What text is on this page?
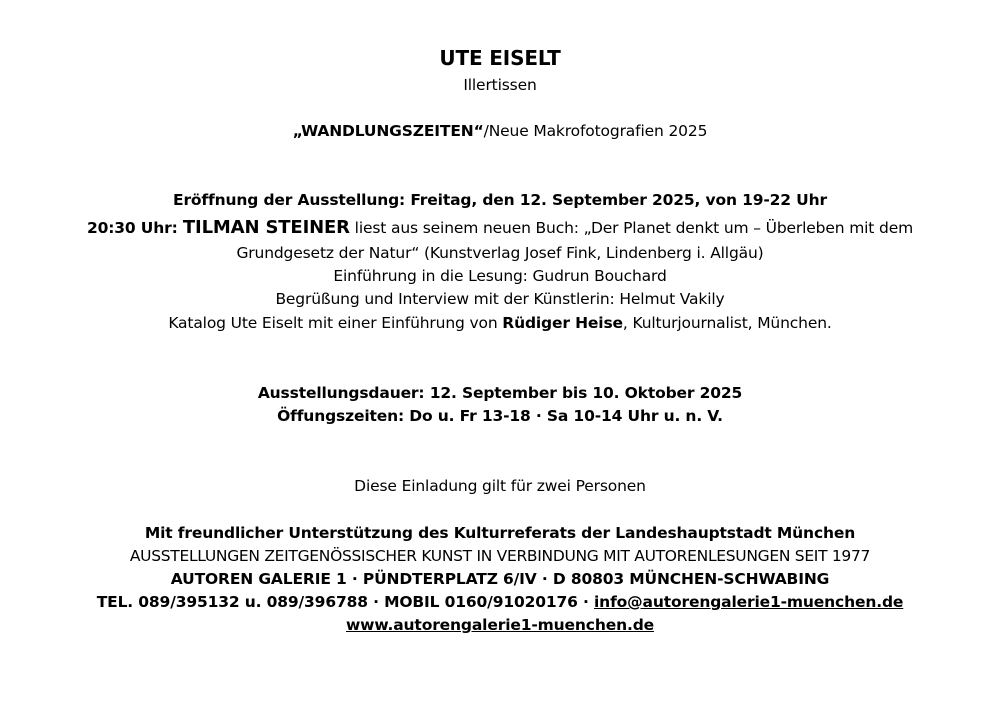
UTE EISELT
Illertissen
„WANDLUNGSZEITEN“/Neue Makrofotografien 2025
Eröffnung der Ausstellung: Freitag, den 12. September 2025, von 19-22 Uhr
20:30 Uhr: TILMAN STEINER liest aus seinem neuen Buch: „Der Planet denkt um – Überleben mit dem
Grundgesetz der Natur“ (Kunstverlag Josef Fink, Lindenberg i. Allgäu)
Einführung in die Lesung: Gudrun Bouchard
Begrüßung und Interview mit der Künstlerin: Helmut Vakily
Katalog Ute Eiselt mit einer Einführung von Rüdiger Heise, Kulturjournalist, München.
Ausstellungsdauer: 12. September bis 10. Oktober 2025
Öffungszeiten: Do u. Fr 13-18 · Sa 10-14 Uhr u. n. V.
Diese Einladung gilt für zwei Personen
Mit freundlicher Unterstützung des Kulturreferats der Landeshauptstadt München
AUSSTELLUNGEN ZEITGENÖSSISCHER KUNST IN VERBINDUNG MIT AUTORENLESUNGEN SEIT 1977
AUTOREN GALERIE 1 · PÜNDTERPLATZ 6/IV · D 80803 MÜNCHEN-SCHWABING
TEL. 089/395132 u. 089/396788 · MOBIL 0160/91020176 · info@autorengalerie1-muenchen.de
www.autorengalerie1-muenchen.de
